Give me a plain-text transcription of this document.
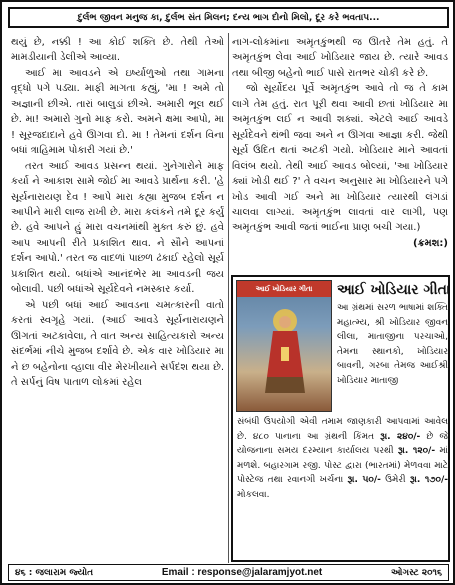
દુર્લભ જીવન મનુજ કા, દુર્લભ સંત મિલન; દન્ય ભાગ દોનો મિલો, દૂર કરે ભવતાપ...

થયું છે, નક્કી ! આ કોઈ શક્તિ છે. તેથી તેઓ મામડીયાની ડેલીએ આવ્યા.

આઈ મા આવડને એ ઇર્ષ્યાળુઓ તથા ગામના વૃદ્ધો પગે પડ્યા. માફી માગતા કહ્યું, 'મા ! અમે તો અજ્ઞાની છીએ. તારાં બાલુડાં છીએ. અમારી ભૂલ થઈ છે. મા! અમારો ગુનો માફ કરો. અમને ક્ષમા આપો, મા ! સૂરજદાદાને હવે ઊગવા દો. મા ! તેમનાં દર્શન વિના બધાં ત્રાહિમામ પોકારી ગયાં છે.'

તરત આઈ આવડ પ્રસન્ન થયાં. ગુનેગારોને માફ કર્યા ને આકાશ સામે જોઈ મા આવડે પ્રાર્થના કરી. 'હે સૂર્યનારાયણ દેવ ! આપે મારા કહ્યા મુજબ દર્શન ન આપીને મારી લાજ રાખી છે. મારા કલંકને તમે દૂર કર્યું છે. હવે આપને હું મારા વચનમાંથી મુક્ત કરું છું. હવે આપ આપની રીતે પ્રકાશિત થાવ. ને સૌને આપનાં દર્શન આપો.' તરત જ વાદળાં પાછળ ઢંકાઈ રહેલો સૂર્ય પ્રકાશિત થયો. બધાંએ આનંદભેર મા આવડની જય બોલાવી. પછી બધાંએ સૂર્યદેવને નમસ્કાર કર્યા.

એ પછી બધાં આઈ આવડના ચમત્કારની વાતો કરતાં સ્વગૃહે ગયાં. (આઈ આવડે સૂર્યનારાયણને ઊગતાં અટકાવેલા, તે વાત અન્ય સાહિત્યકારો અન્ય સંદર્ભમાં નીચે મુજબ દર્શાવે છે. એક વાર ખોડિયાર મા ને છ બહેનોના વ્હાલા વીર મેરખીયાને સર્પદંશ થયા છે. તે સર્પનું વિષ પાતાળ લોકમાં રહેલ

નાગ-લોકમાંના અમૃતકુંભથી જ ઊતરે તેમ હતું. તે અમૃતકુંભ લેવા આઈ ખોડિયાર જાય છે. ત્યારે આવડ તથા બીજી બહેનો ભાઈ પાસે રાતભર ચોકી કરે છે.

જો સૂર્યોદય પૂર્વે અમૃતકુંભ આવે તો જ તે કામ લાગે તેમ હતું. રાત પૂરી થવા આવી છતાં ખોડિયાર મા અમૃતકુંભ લઈ ન આવી શક્યાં. એટલે આઈ આવડે સૂર્યદેવને થંભી જવા અને ન ઊગવા આજ્ઞા કરી. જેથી સૂર્ય ઉદિત થતાં અટકી ગયો. ખોડિયાર માને આવતાં વિલંબ થયો. તેથી આઈ આવડ બોલ્યાં, 'આ ખોડિયાર ક્યાં ખોડી થઈ ?' તે વચન અનુસાર મા ખોડિયારને પગે ખોડ આવી ગઈ અને મા ખોડિયાર ત્યારથી લંગડાં ચાલવા લાગ્યાં. અમૃતકુંભ લાવતાં વાર લાગી, પણ અમૃતકુંભ આવી જતાં ભાઈના પ્રાણ બચી ગયા.)
(ક્રમશ:)

આઈ ખોડિયાર ગીતા	આઈ ખોડિયાર ગીતા
આ ગ્રંથમાં સરળ ભાષામાં શક્તિ મહાત્મ્ય, શ્રી ખોડિયાર જીવન લીલા, માતાજીના પરચાઓ, તેમના સ્થાનકો, ખોડિયાર બાવની, ગરબા તેમજ આઈશ્રી ખોડિયાર માતાજી
સંબંધી ઉપયોગી એવી તમામ જાણકારી આપવામાં આવેલ છે. ૪૮૦ પાનાના આ ગ્રંથની કિંમત રૂા. ૨૪૦/- છે જે યોજનાના સમય દરમ્યાન કાર્યાલય પરથી રૂા. ૧૨૦/- માં મળશે. બહારગામ રજી. પોસ્ટ દ્વારા (ભારતમાં) મેળવવા માટે પોસ્ટેજ તથા રવાનગી ખર્ચના રૂા. ૫૦/- ઉમેરી રૂા. ૧૭૦/- મોકલવા.
૪૬ : જલારામ જ્યોત	Email : response@jalaramjyot.net	ઓગસ્ટ ૨૦૧૬
